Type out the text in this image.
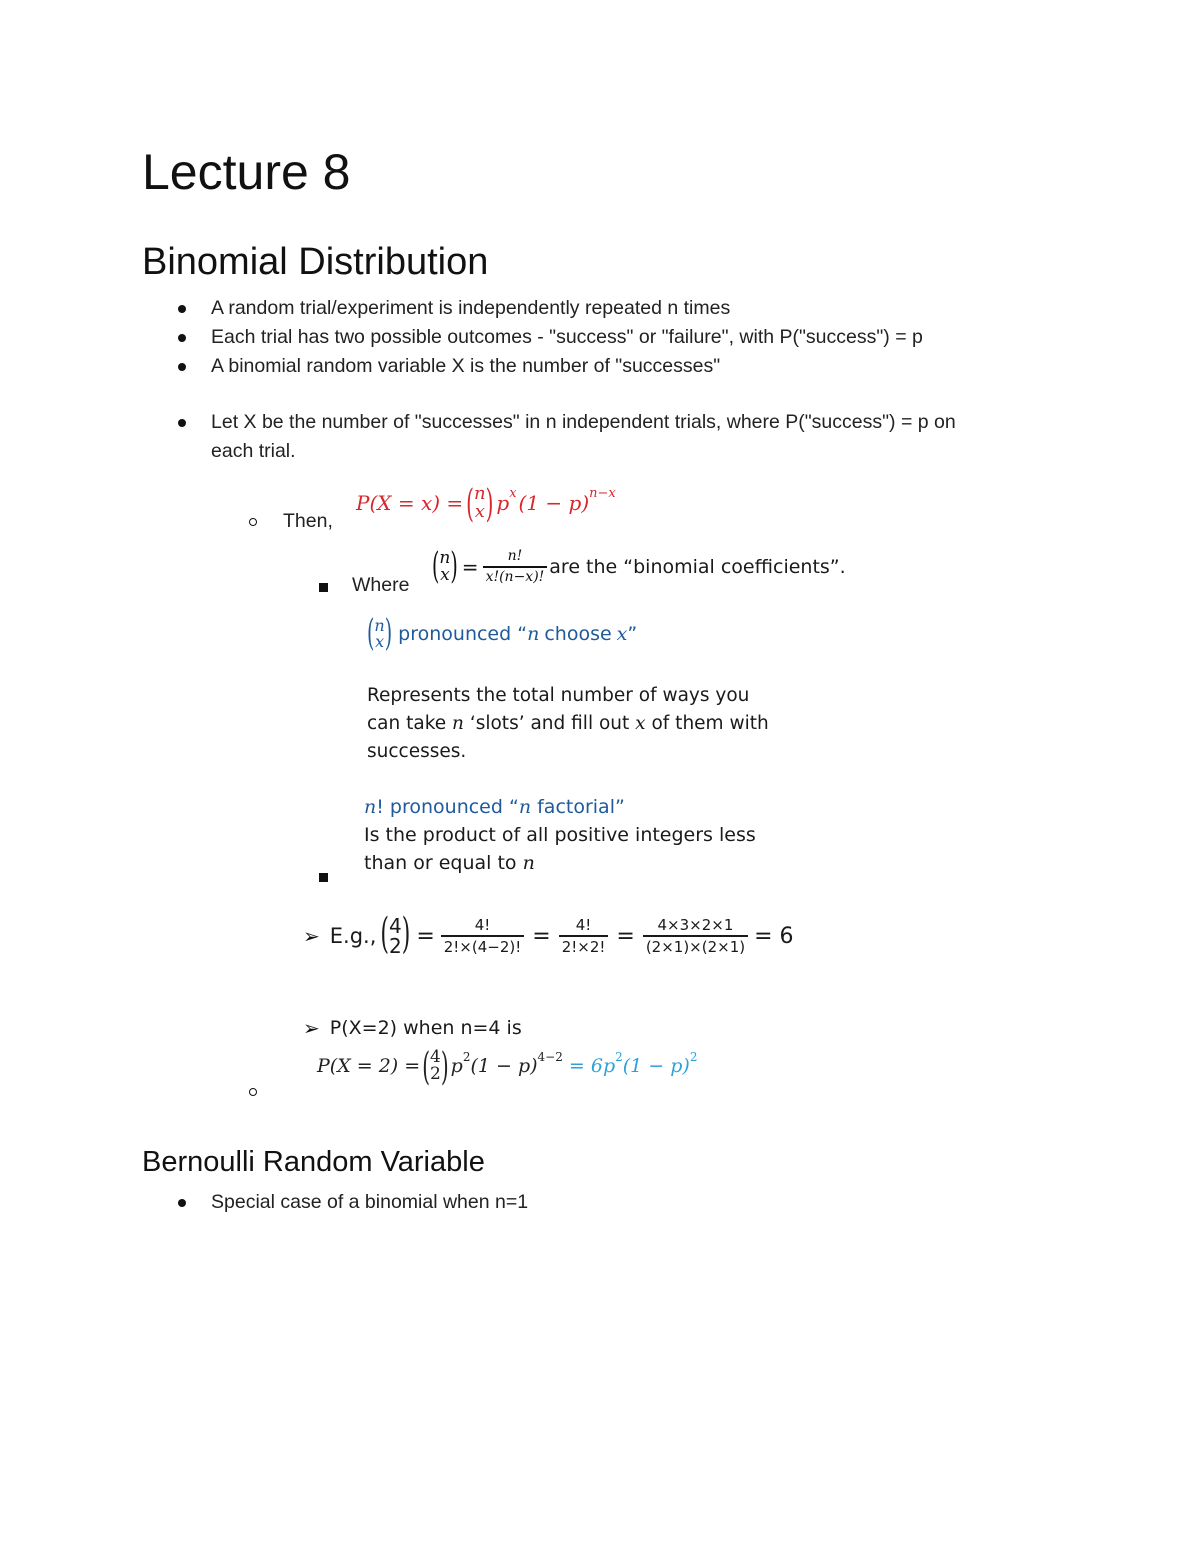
Lecture 8
Binomial Distribution
A random trial/experiment is independently repeated n times
Each trial has two possible outcomes - "success" or "failure", with P("success") = p
A binomial random variable X is the number of "successes"
Let X be the number of "successes" in n independent trials, where P("success") = p on
each trial.
Then,
P(X = x) = ( n
x ) $p^x$ $(1 - p)^{n-x}$
Where ( n
x ) = $\frac{n!}{x!(n-x)!}$ are the “binomial coefficients”.
( n
x ) pronounced “ n choose x ”
Represents the total number of ways you
can take n ‘slots’ and fill out x of them with
successes.
n! pronounced “n factorial”
Is the product of all positive integers less
than or equal to n
➢ E.g., ( 4
2 ) = $\frac{4!}{2!\times(4-2)!} = \frac{4!}{2!\times 2!} = \frac{4\times 3\times 2\times 1}{(2\times 1)\times(2\times 1)} = 6$
➢ P(X=2) when n=4 is
P(X = 2) = ( 4
2 ) $p^2$ $(1 - p)^{4-2} = 6p^2$ $(1 - p)^2$
Bernoulli Random Variable
Special case of a binomial when n=1
